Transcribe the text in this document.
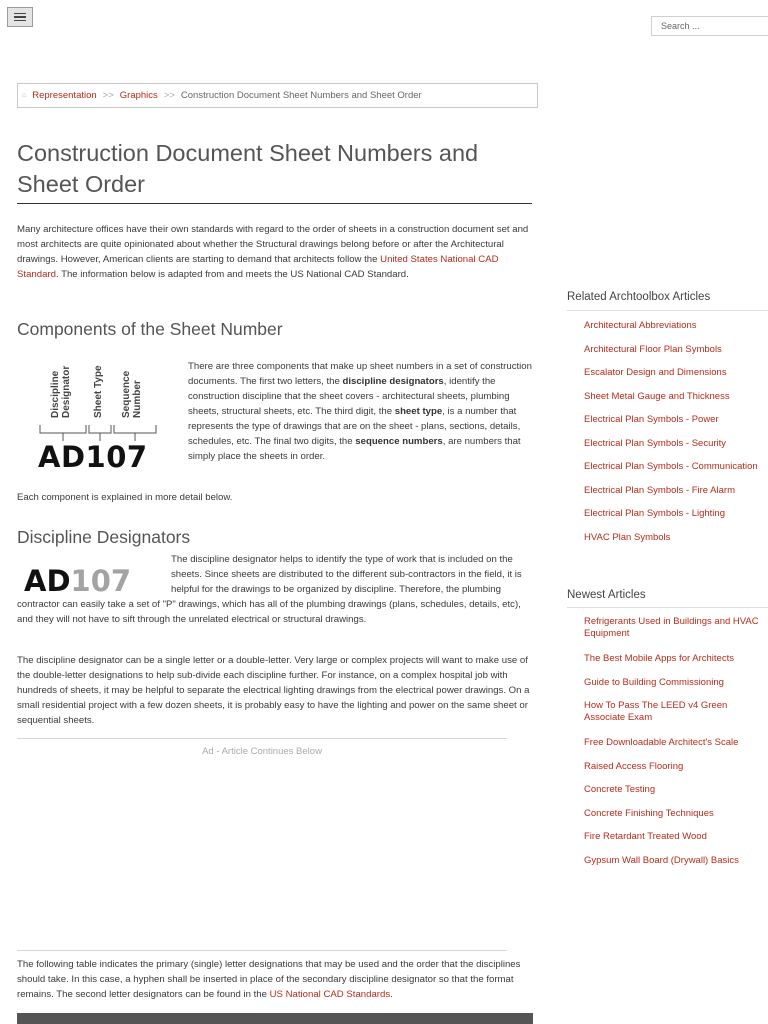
Search ...
⌂ Representation >> Graphics >> Construction Document Sheet Numbers and Sheet Order
Construction Document Sheet Numbers and Sheet Order

Many architecture offices have their own standards with regard to the order of sheets in a construction document set and most architects are quite opinionated about whether the Structural drawings belong before or after the Architectural drawings. However, American clients are starting to demand that architects follow the United States National CAD Standard. The information below is adapted from and meets the US National CAD Standard.

Components of the Sheet Number
Discipline Designator Sheet Type Sequence Number
AD107

There are three components that make up sheet numbers in a set of construction documents. The first two letters, the discipline designators, identify the construction discipline that the sheet covers - architectural sheets, plumbing sheets, structural sheets, etc. The third digit, the sheet type, is a number that represents the type of drawings that are on the sheet - plans, sections, details, schedules, etc. The final two digits, the sequence numbers, are numbers that simply place the sheets in order.

Each component is explained in more detail below.

Discipline Designators
AD107
The discipline designator helps to identify the type of work that is included on the sheets. Since sheets are distributed to the different sub-contractors in the field, it is helpful for the drawings to be organized by discipline. Therefore, the plumbing contractor can easily take a set of "P" drawings, which has all of the plumbing drawings (plans, schedules, details, etc), and they will not have to sift through the unrelated electrical or structural drawings.

The discipline designator can be a single letter or a double-letter. Very large or complex projects will want to make use of the double-letter designations to help sub-divide each discipline further. For instance, on a complex hospital job with hundreds of sheets, it may be helpful to separate the electrical lighting drawings from the electrical power drawings. On a small residential project with a few dozen sheets, it is probably easy to have the lighting and power on the same sheet or sequential sheets.

Ad - Article Continues Below

The following table indicates the primary (single) letter designations that may be used and the order that the disciplines should take. In this case, a hyphen shall be inserted in place of the secondary discipline designator so that the format remains. The second letter designators can be found in the US National CAD Standards.

Related Archtoolbox Articles
Architectural Abbreviations
Architectural Floor Plan Symbols
Escalator Design and Dimensions
Sheet Metal Gauge and Thickness
Electrical Plan Symbols - Power
Electrical Plan Symbols - Security
Electrical Plan Symbols - Communication
Electrical Plan Symbols - Fire Alarm
Electrical Plan Symbols - Lighting
HVAC Plan Symbols
Newest Articles
Refrigerants Used in Buildings and HVAC Equipment
The Best Mobile Apps for Architects
Guide to Building Commissioning
How To Pass The LEED v4 Green Associate Exam
Free Downloadable Architect's Scale
Raised Access Flooring
Concrete Testing
Concrete Finishing Techniques
Fire Retardant Treated Wood
Gypsum Wall Board (Drywall) Basics
